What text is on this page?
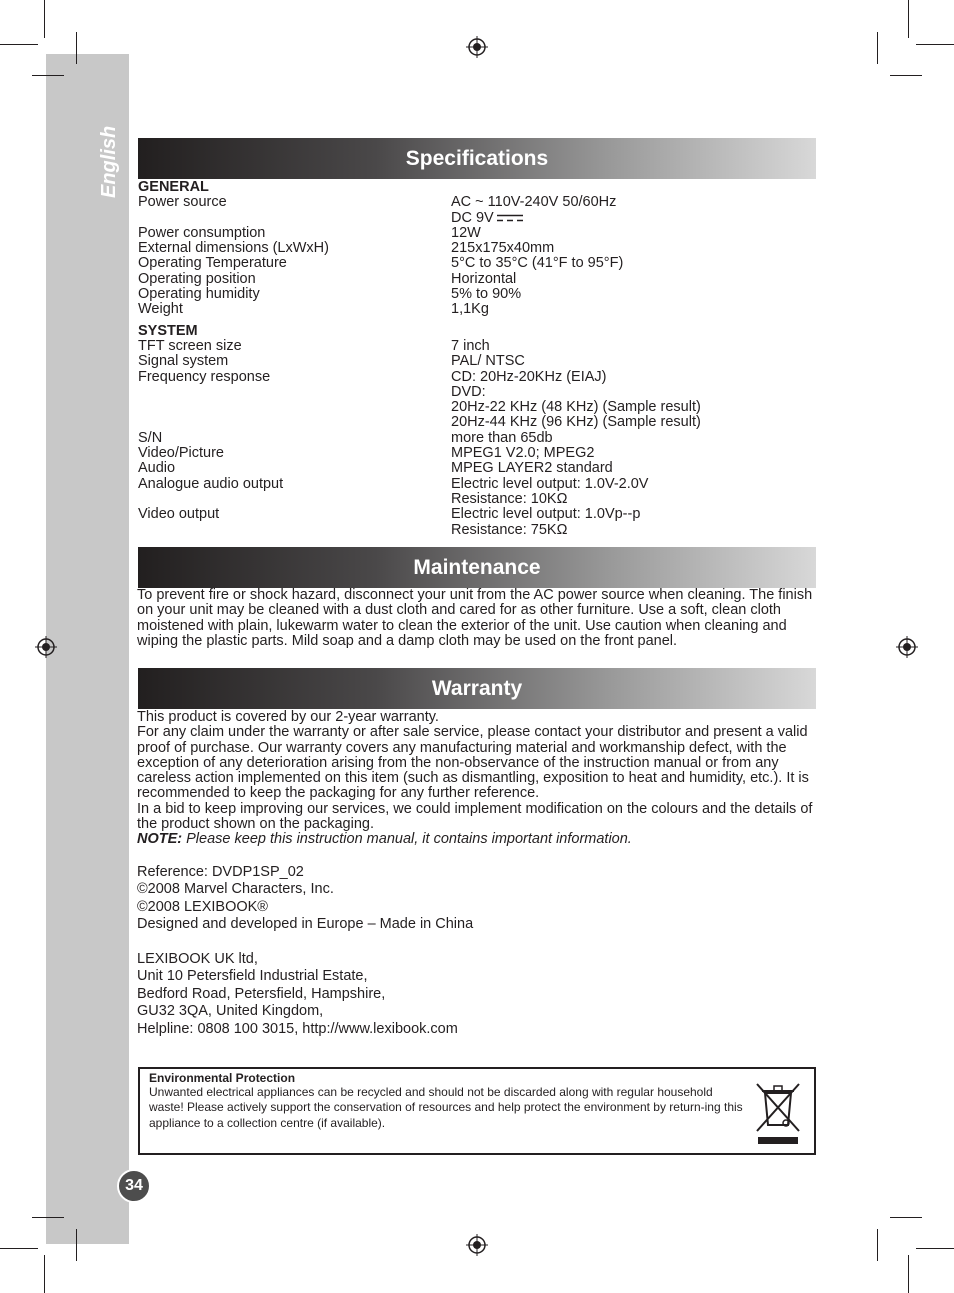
English
34
Specifications
GENERAL
Power source	AC ~ 110V-240V 50/60Hz
DC 9V
Power consumption	12W
External dimensions (LxWxH)	215x175x40mm
Operating Temperature	5°C to 35°C (41°F to 95°F)
Operating position	Horizontal
Operating humidity	5% to 90%
Weight	1,1Kg
SYSTEM
TFT screen size	7 inch
Signal system	PAL/ NTSC
Frequency response	CD: 20Hz-20KHz (EIAJ)
DVD:
20Hz-22 KHz (48 KHz) (Sample result)
20Hz-44 KHz (96 KHz) (Sample result)
S/N	more than 65db
Video/Picture	MPEG1 V2.0; MPEG2
Audio	MPEG LAYER2 standard
Analogue audio output	Electric level output: 1.0V-2.0V
Resistance: 10KΩ
Video output	Electric level output: 1.0Vp--p
Resistance: 75KΩ
Maintenance

To prevent fire or shock hazard, disconnect your unit from the AC power source when cleaning. The finish on your unit may be cleaned with a dust cloth and cared for as other furniture. Use a soft, clean cloth moistened with plain, lukewarm water to clean the exterior of the unit. Use caution when cleaning and wiping the plastic parts. Mild soap and a damp cloth may be used on the front panel.

Warranty

This product is covered by our 2-year warranty.

For any claim under the warranty or after sale service, please contact your distributor and present a valid proof of purchase. Our warranty covers any manufacturing material and workmanship defect, with the exception of any deterioration arising from the non-observance of the instruction manual or from any careless action implemented on this item (such as dismantling, exposition to heat and humidity, etc.). It is recommended to keep the packaging for any further reference.

In a bid to keep improving our services, we could implement modification on the colours and the details of the product shown on the packaging.

NOTE: Please keep this instruction manual, it contains important information.

Reference: DVDP1SP_02

©2008 Marvel Characters, Inc.

©2008 LEXIBOOK®

Designed and developed in Europe – Made in China

LEXIBOOK UK ltd,

Unit 10 Petersfield Industrial Estate,

Bedford Road, Petersfield, Hampshire,

GU32 3QA, United Kingdom,

Helpline: 0808 100 3015, http://www.lexibook.com

Environmental Protection
Unwanted electrical appliances can be recycled and should not be discarded along with regular household waste! Please actively support the conservation of resources and help protect the environment by return-ing this appliance to a collection centre (if available).
